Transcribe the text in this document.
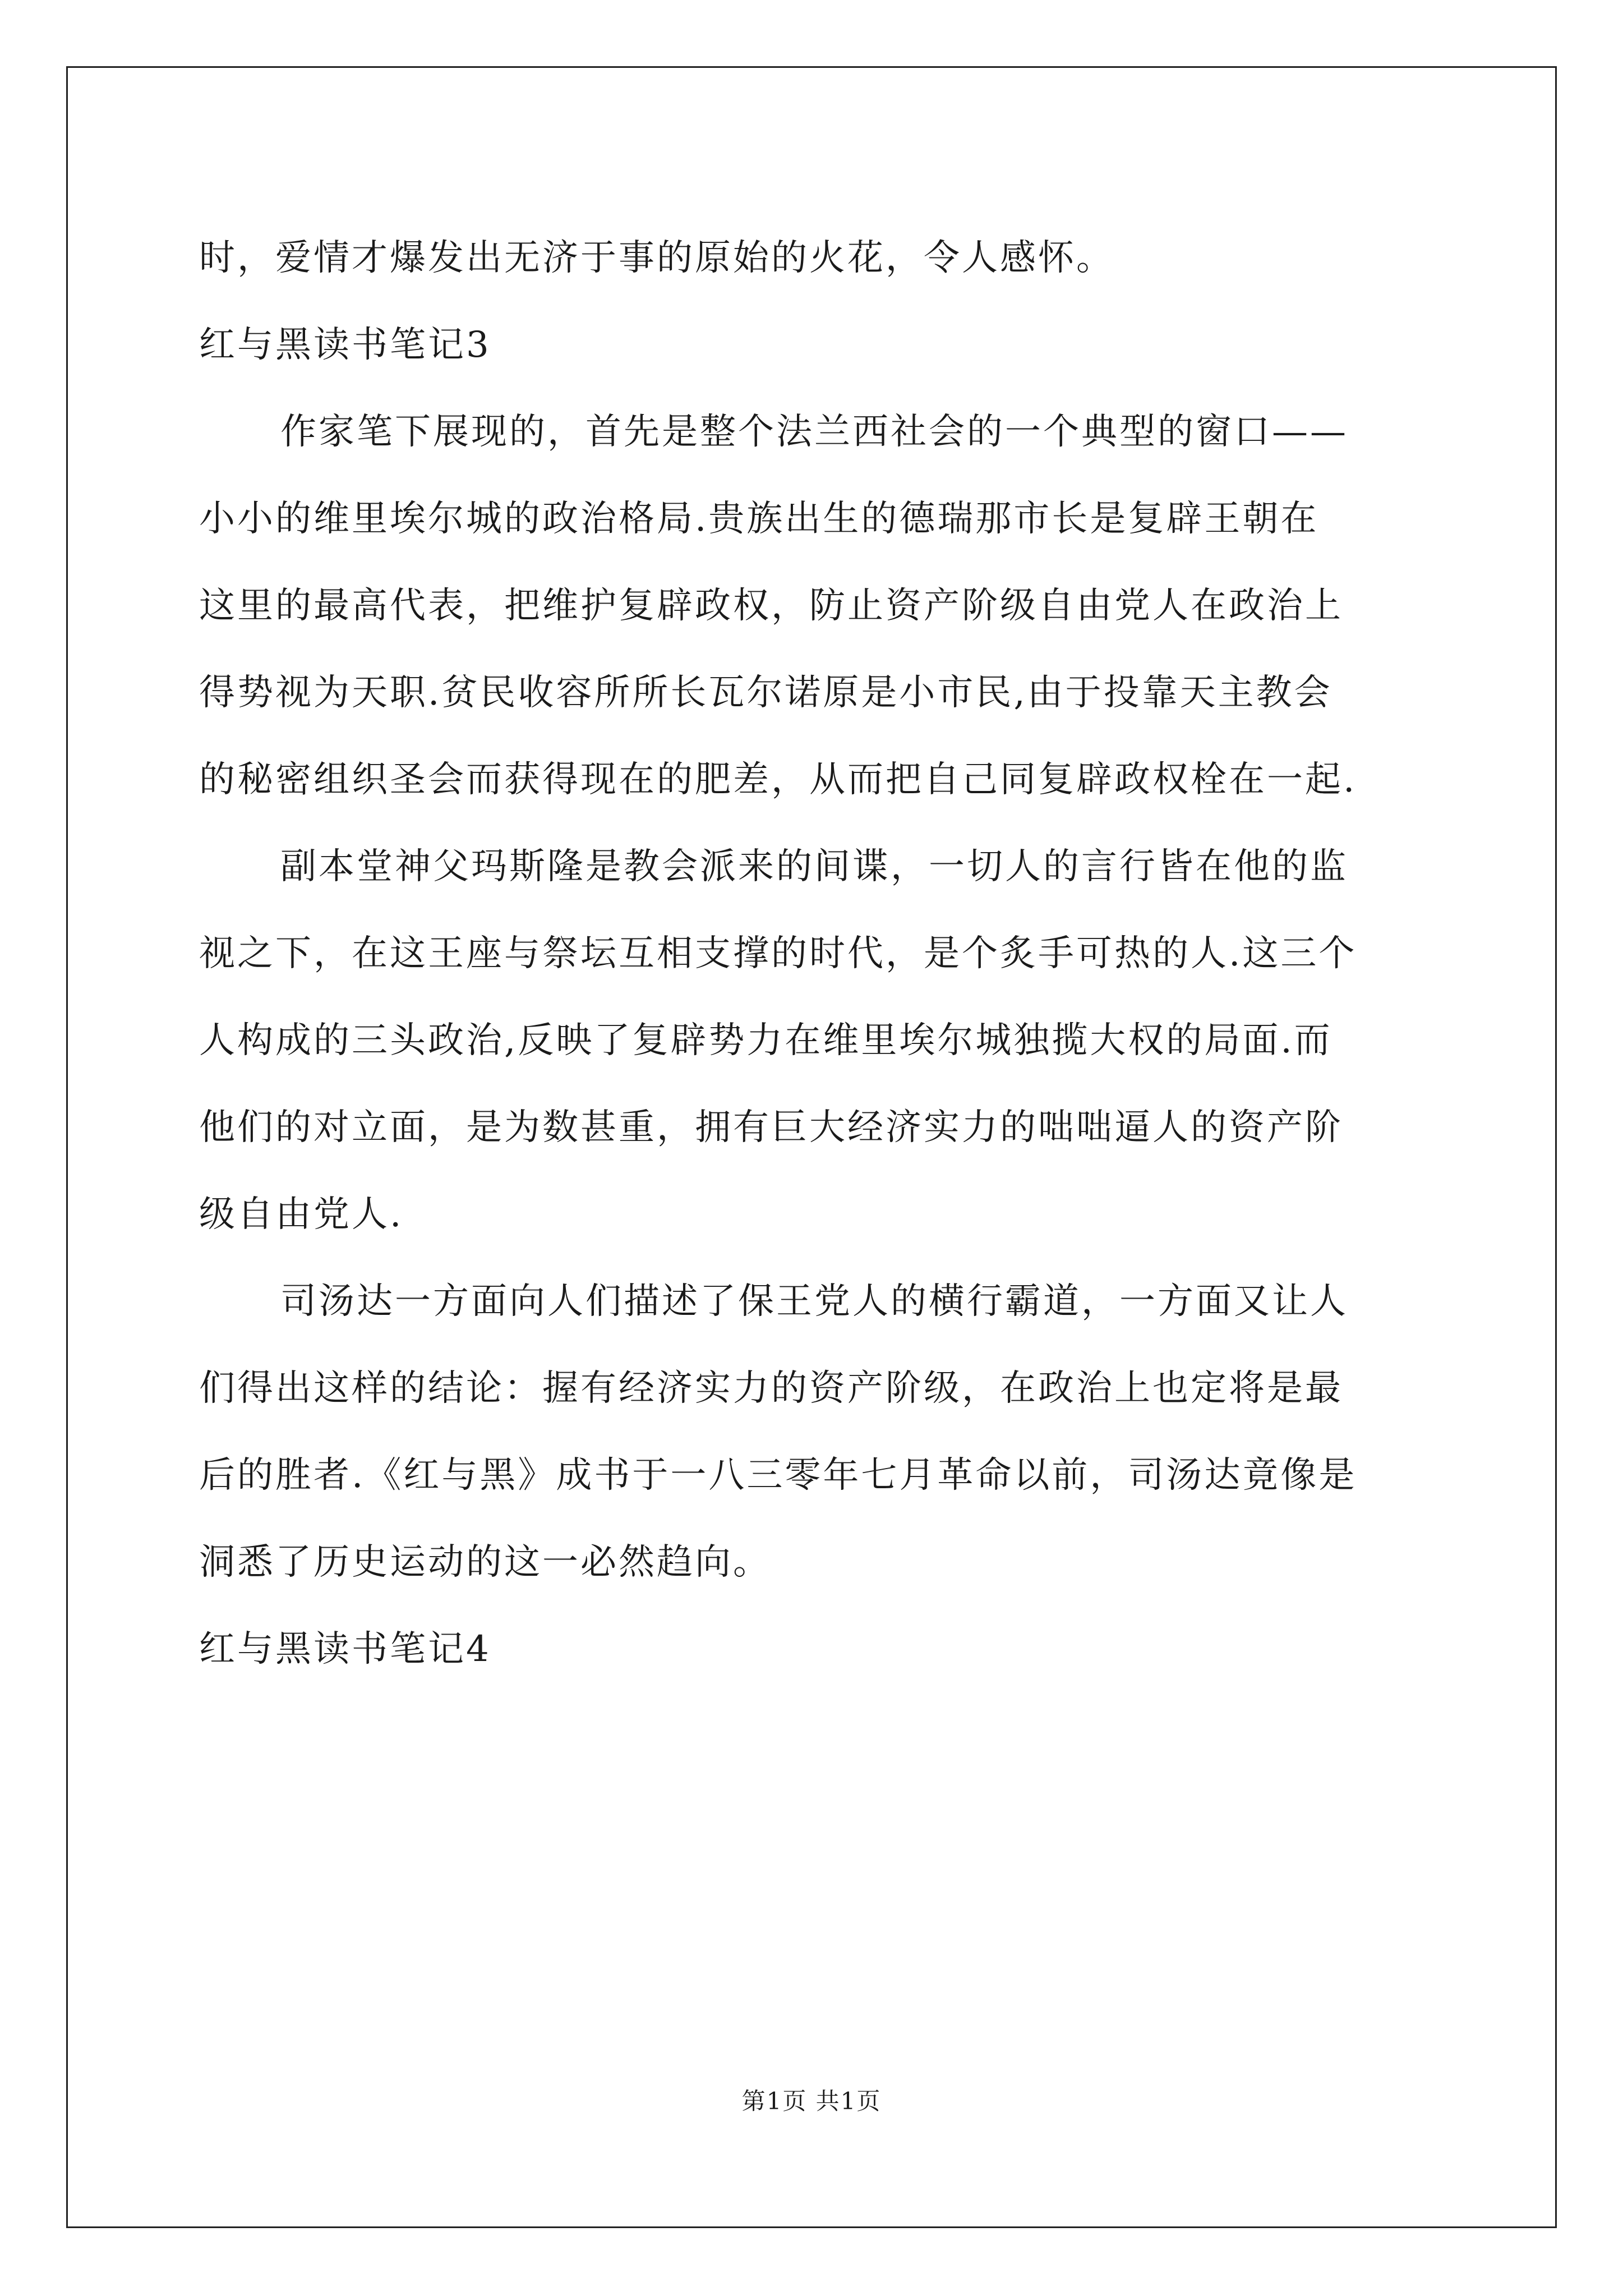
时，爱情才爆发出无济于事的原始的火花，令人感怀。
红与黑读书笔记3
作家笔下展现的，首先是整个法兰西社会的一个典型的窗口——
小小的维里埃尔城的政治格局.贵族出生的德瑞那市长是复辟王朝在
这里的最高代表，把维护复辟政权，防止资产阶级自由党人在政治上
得势视为天职.贫民收容所所长瓦尔诺原是小市民,由于投靠天主教会
的秘密组织圣会而获得现在的肥差，从而把自己同复辟政权栓在一起.
副本堂神父玛斯隆是教会派来的间谍，一切人的言行皆在他的监
视之下，在这王座与祭坛互相支撑的时代，是个炙手可热的人.这三个
人构成的三头政治,反映了复辟势力在维里埃尔城独揽大权的局面.而
他们的对立面，是为数甚重，拥有巨大经济实力的咄咄逼人的资产阶
级自由党人.
司汤达一方面向人们描述了保王党人的横行霸道，一方面又让人
们得出这样的结论：握有经济实力的资产阶级，在政治上也定将是最
后的胜者.《红与黑》成书于一八三零年七月革命以前，司汤达竟像是
洞悉了历史运动的这一必然趋向。
红与黑读书笔记4
第1页 共1页
